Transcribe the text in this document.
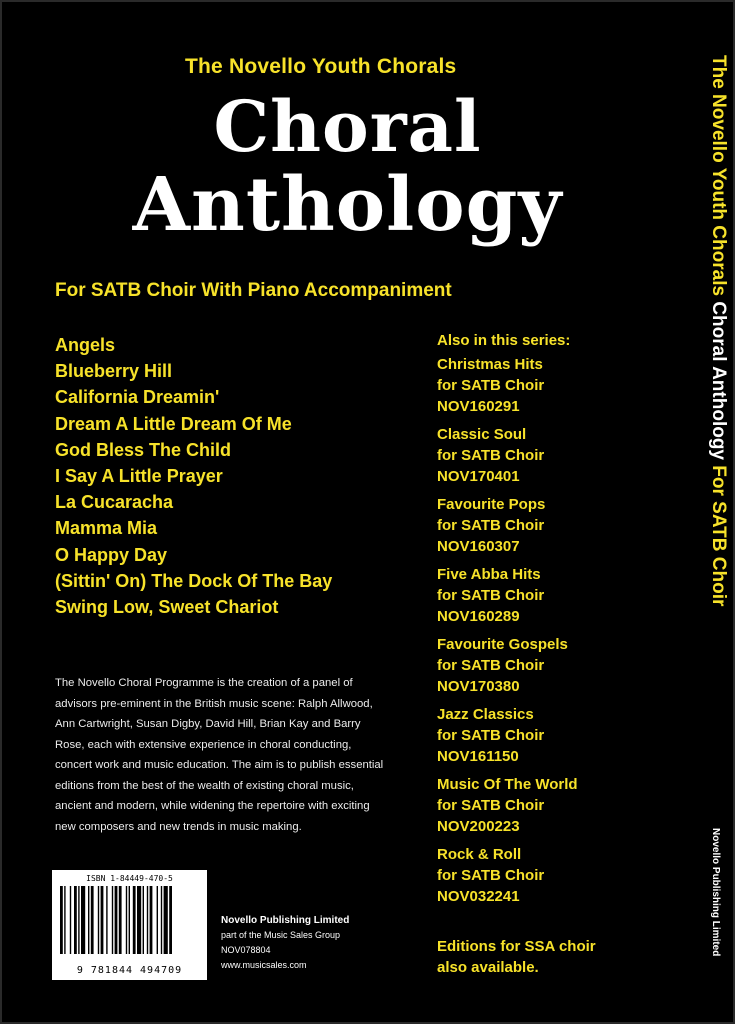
The Novello Youth Chorals
Choral
Anthology
For SATB Choir With Piano Accompaniment
Angels
Blueberry Hill
California Dreamin'
Dream A Little Dream Of Me
God Bless The Child
I Say A Little Prayer
La Cucaracha
Mamma Mia
O Happy Day
(Sittin' On) The Dock Of The Bay
Swing Low, Sweet Chariot
Also in this series:
Christmas Hits
for SATB Choir
NOV160291
Classic Soul
for SATB Choir
NOV170401
Favourite Pops
for SATB Choir
NOV160307
Five Abba Hits
for SATB Choir
NOV160289
Favourite Gospels
for SATB Choir
NOV170380
Jazz Classics
for SATB Choir
NOV161150
Music Of The World
for SATB Choir
NOV200223
Rock & Roll
for SATB Choir
NOV032241
Editions for SSA choir
also available.
The Novello Choral Programme is the creation of a panel of advisors pre-eminent in the British music scene: Ralph Allwood, Ann Cartwright, Susan Digby, David Hill, Brian Kay and Barry Rose, each with extensive experience in choral conducting, concert work and music education. The aim is to publish essential editions from the best of the wealth of existing choral music, ancient and modern, while widening the repertoire with exciting new composers and new trends in music making.
ISBN 1-84449-470-5
9 781844 494709
Novello Publishing Limited
part of the Music Sales Group
NOV078804
www.musicsales.com
The Novello Youth Chorals Choral Anthology For SATB Choir
Novello Publishing Limited
